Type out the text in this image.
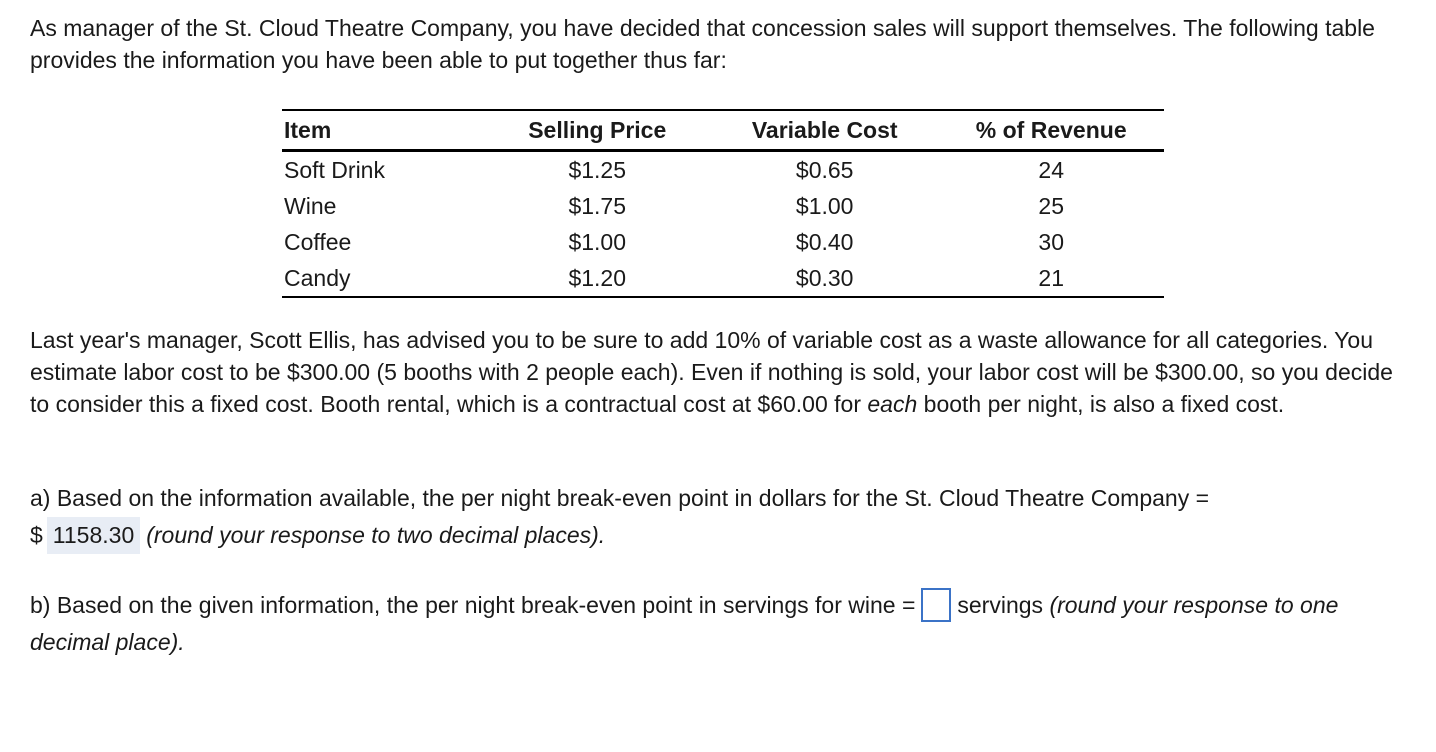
As manager of the St. Cloud Theatre Company, you have decided that concession sales will support themselves. The following table provides the information you have been able to put together thus far:

Item	Selling Price	Variable Cost	% of Revenue
Soft Drink	$1.25	$0.65	24
Wine	$1.75	$1.00	25
Coffee	$1.00	$0.40	30
Candy	$1.20	$0.30	21

Last year's manager, Scott Ellis, has advised you to be sure to add 10% of variable cost as a waste allowance for all categories. You estimate labor cost to be $300.00 (5 booths with 2 people each). Even if nothing is sold, your labor cost will be $300.00, so you decide to consider this a fixed cost. Booth rental, which is a contractual cost at $60.00 for each booth per night, is also a fixed cost.

a) Based on the information available, the per night break-even point in dollars for the St. Cloud Theatre Company =
$ 1158.30 (round your response to two decimal places).

b) Based on the given information, the per night break-even point in servings for wine = servings (round your response to one decimal place).
